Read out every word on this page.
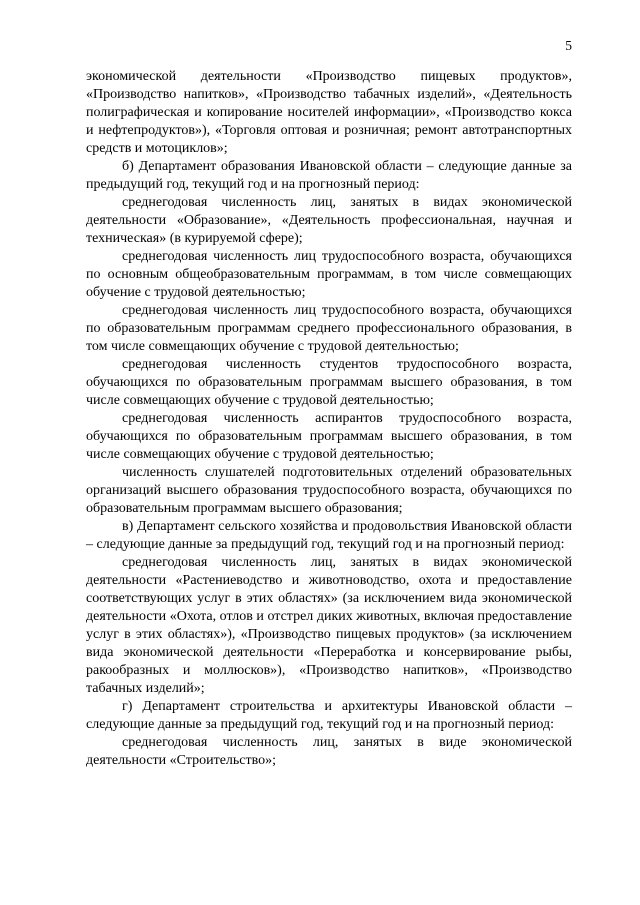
5

экономической деятельности «Производство пищевых продуктов», «Производство напитков», «Производство табачных изделий», «Деятельность полиграфическая и копирование носителей информации», «Производство кокса и нефтепродуктов»), «Торговля оптовая и розничная; ремонт автотранспортных средств и мотоциклов»;

б) Департамент образования Ивановской области – следующие данные за предыдущий год, текущий год и на прогнозный период:

среднегодовая численность лиц, занятых в видах экономической деятельности «Образование», «Деятельность профессиональная, научная и техническая» (в курируемой сфере);

среднегодовая численность лиц трудоспособного возраста, обучающихся по основным общеобразовательным программам, в том числе совмещающих обучение с трудовой деятельностью;

среднегодовая численность лиц трудоспособного возраста, обучающихся по образовательным программам среднего профессионального образования, в том числе совмещающих обучение с трудовой деятельностью;

среднегодовая численность студентов трудоспособного возраста, обучающихся по образовательным программам высшего образования, в том числе совмещающих обучение с трудовой деятельностью;

среднегодовая численность аспирантов трудоспособного возраста, обучающихся по образовательным программам высшего образования, в том числе совмещающих обучение с трудовой деятельностью;

численность слушателей подготовительных отделений образовательных организаций высшего образования трудоспособного возраста, обучающихся по образовательным программам высшего образования;

в) Департамент сельского хозяйства и продовольствия Ивановской области – следующие данные за предыдущий год, текущий год и на прогнозный период:

среднегодовая численность лиц, занятых в видах экономической деятельности «Растениеводство и животноводство, охота и предоставление соответствующих услуг в этих областях» (за исключением вида экономической деятельности «Охота, отлов и отстрел диких животных, включая предоставление услуг в этих областях»), «Производство пищевых продуктов» (за исключением вида экономической деятельности «Переработка и консервирование рыбы, ракообразных и моллюсков»), «Производство напитков», «Производство табачных изделий»;

г) Департамент строительства и архитектуры Ивановской области – следующие данные за предыдущий год, текущий год и на прогнозный период:

среднегодовая численность лиц, занятых в виде экономической деятельности «Строительство»;
